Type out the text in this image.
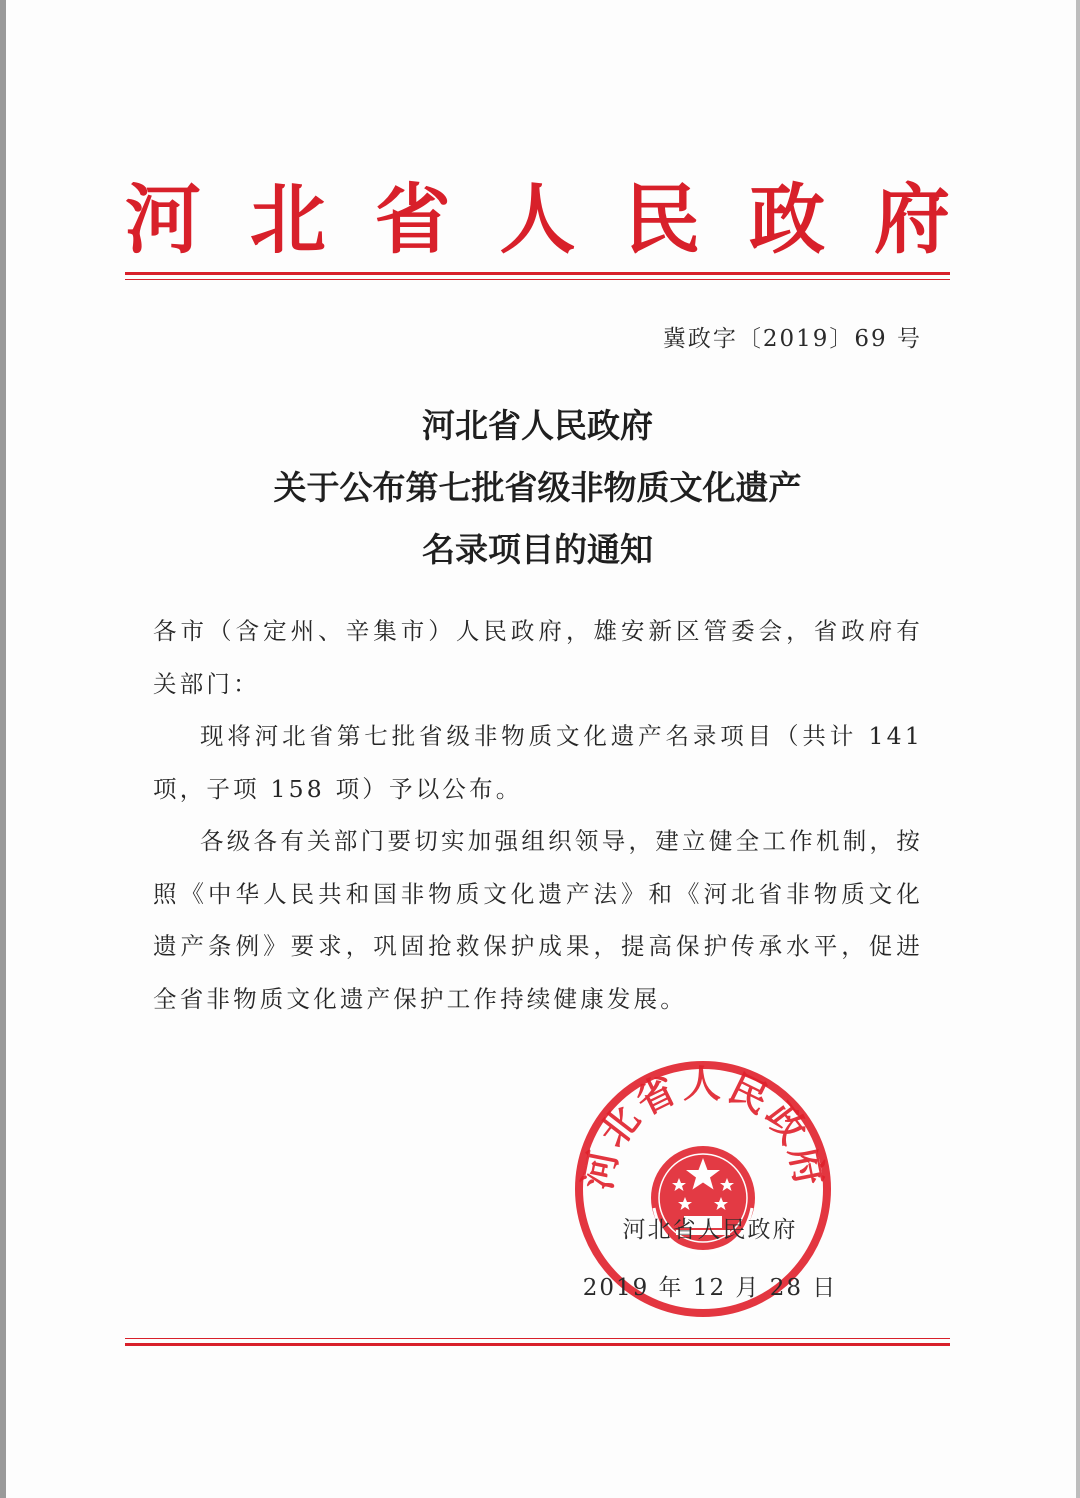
河 北 省 人 民 政 府
冀政字〔2019〕69 号
河北省人民政府
关于公布第七批省级非物质文化遗产
名录项目的通知

各市（含定州、辛集市）人民政府，雄安新区管委会，省政府有关部门：

现将河北省第七批省级非物质文化遗产名录项目（共计 141 项，子项 158 项）予以公布。

各级各有关部门要切实加强组织领导，建立健全工作机制，按照《中华人民共和国非物质文化遗产法》和《河北省非物质文化遗产条例》要求，巩固抢救保护成果，提高保护传承水平，促进全省非物质文化遗产保护工作持续健康发展。

河北省人民政府
河北省人民政府
2019 年 12 月 28 日
